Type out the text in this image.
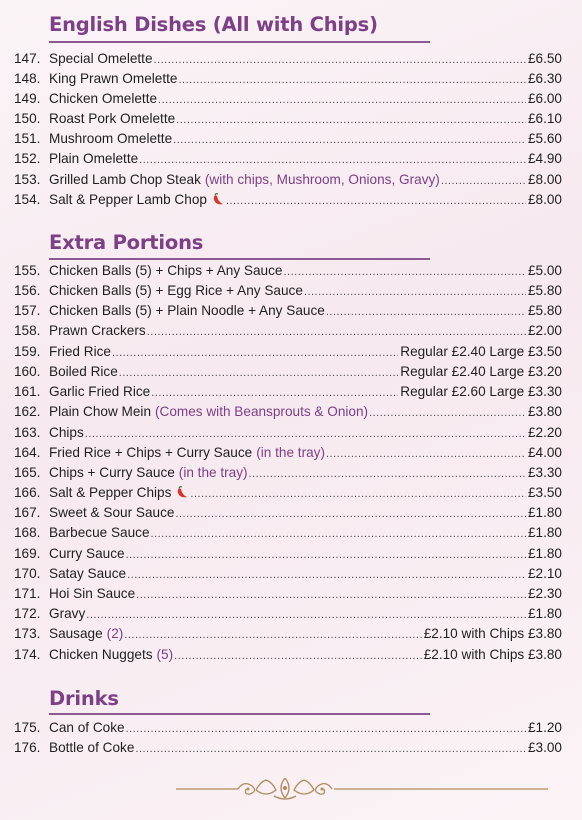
English Dishes (All with Chips)
Extra Portions
Drinks
147. Special Omelette .....	£6.50
148. King Prawn Omelette .....	£6.30
149. Chicken Omelette .....	£6.00
150. Roast Pork Omelette .....	£6.10
151. Mushroom Omelette .....	£5.60
152. Plain Omelette .....	£4.90
153. Grilled Lamb Chop Steak (with chips, Mushroom, Onions, Gravy) .....	£8.00
154. Salt & Pepper Lamb Chop .....	£8.00
155. Chicken Balls (5) + Chips + Any Sauce .....	£5.00
156. Chicken Balls (5) + Egg Rice + Any Sauce .....	£5.80
157. Chicken Balls (5) + Plain Noodle + Any Sauce .....	£5.80
158. Prawn Crackers .....	£2.00
159. Fried Rice .....	Regular £2.40 Large £3.50
160. Boiled Rice .....	Regular £2.40 Large £3.20
161. Garlic Fried Rice .....	Regular £2.60 Large £3.30
162. Plain Chow Mein (Comes with Beansprouts & Onion) .....	£3.80
163. Chips .....	£2.20
164. Fried Rice + Chips + Curry Sauce (in the tray) .....	£4.00
165. Chips + Curry Sauce (in the tray) .....	£3.30
166. Salt & Pepper Chips .....	£3.50
167. Sweet & Sour Sauce .....	£1.80
168. Barbecue Sauce .....	£1.80
169. Curry Sauce .....	£1.80
170. Satay Sauce .....	£2.10
171. Hoi Sin Sauce .....	£2.30
172. Gravy .....	£1.80
173. Sausage (2) .....	£2.10 with Chips £3.80
174. Chicken Nuggets (5) .....	£2.10 with Chips £3.80
175. Can of Coke .....	£1.20
176. Bottle of Coke .....	£3.00
